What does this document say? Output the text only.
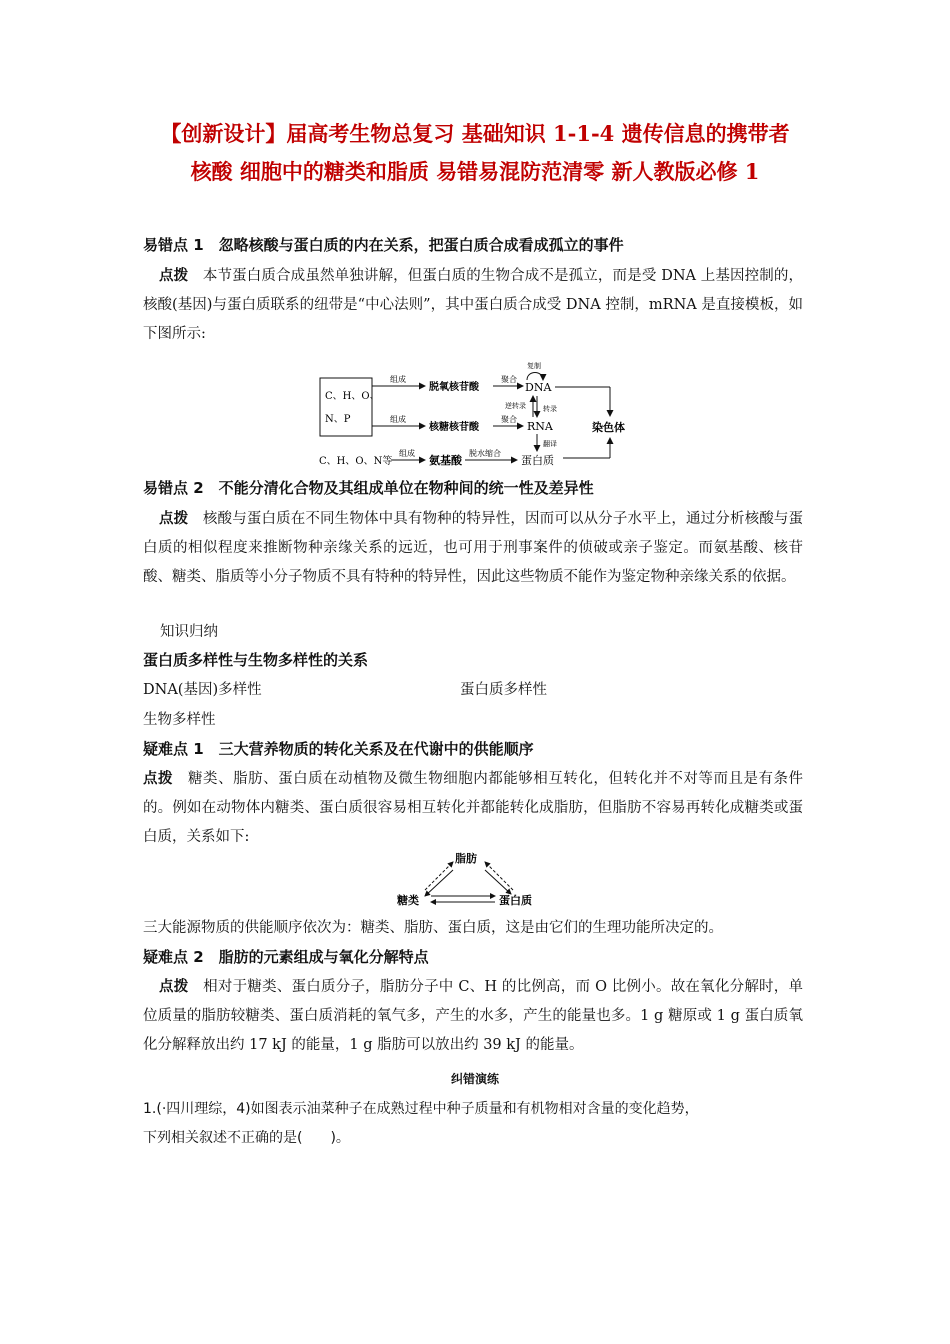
【创新设计】届高考生物总复习 基础知识 1-1-4 遗传信息的携带者
核酸 细胞中的糖类和脂质 易错易混防范清零 新人教版必修 1
易错点 1　忽略核酸与蛋白质的内在关系，把蛋白质合成看成孤立的事件
点拨　本节蛋白质合成虽然单独讲解，但蛋白质的生物合成不是孤立，而是受 DNA 上基因控制的，核酸(基因)与蛋白质联系的纽带是“中心法则”，其中蛋白质合成受 DNA 控制，mRNA 是直接模板，如下图所示:
C、H、O、
N、P
组成
组成
脱氧核苷酸
核糖核苷酸
聚合
聚合
复制
DNA
RNA
逆转录 转录
翻译
染色体
C、H、O、N等
组成
氨基酸
脱水缩合
蛋白质
易错点 2　不能分清化合物及其组成单位在物种间的统一性及差异性
点拨　核酸与蛋白质在不同生物体中具有物种的特异性，因而可以从分子水平上，通过分析核酸与蛋白质的相似程度来推断物种亲缘关系的远近，也可用于刑事案件的侦破或亲子鉴定。而氨基酸、核苷酸、糖类、脂质等小分子物质不具有特种的特异性，因此这些物质不能作为鉴定物种亲缘关系的依据。
知识归纳
蛋白质多样性与生物多样性的关系
DNA(基因)多样性	蛋白质多样性
生物多样性
疑难点 1　三大营养物质的转化关系及在代谢中的供能顺序
点拨　糖类、脂肪、蛋白质在动植物及微生物细胞内都能够相互转化，但转化并不对等而且是有条件的。例如在动物体内糖类、蛋白质很容易相互转化并都能转化成脂肪，但脂肪不容易再转化成糖类或蛋白质，关系如下:
脂肪
糖类	蛋白质
三大能源物质的供能顺序依次为：糖类、脂肪、蛋白质，这是由它们的生理功能所决定的。
疑难点 2　脂肪的元素组成与氧化分解特点
点拨　相对于糖类、蛋白质分子，脂肪分子中 C、H 的比例高，而 O 比例小。故在氧化分解时，单位质量的脂肪较糖类、蛋白质消耗的氧气多，产生的水多，产生的能量也多。1 g 糖原或 1 g 蛋白质氧化分解释放出约 17 kJ 的能量，1 g 脂肪可以放出约 39 kJ 的能量。
纠错演练
1.(·四川理综，4)如图表示油菜种子在成熟过程中种子质量和有机物相对含量的变化趋势，
下列相关叙述不正确的是(　　)。
